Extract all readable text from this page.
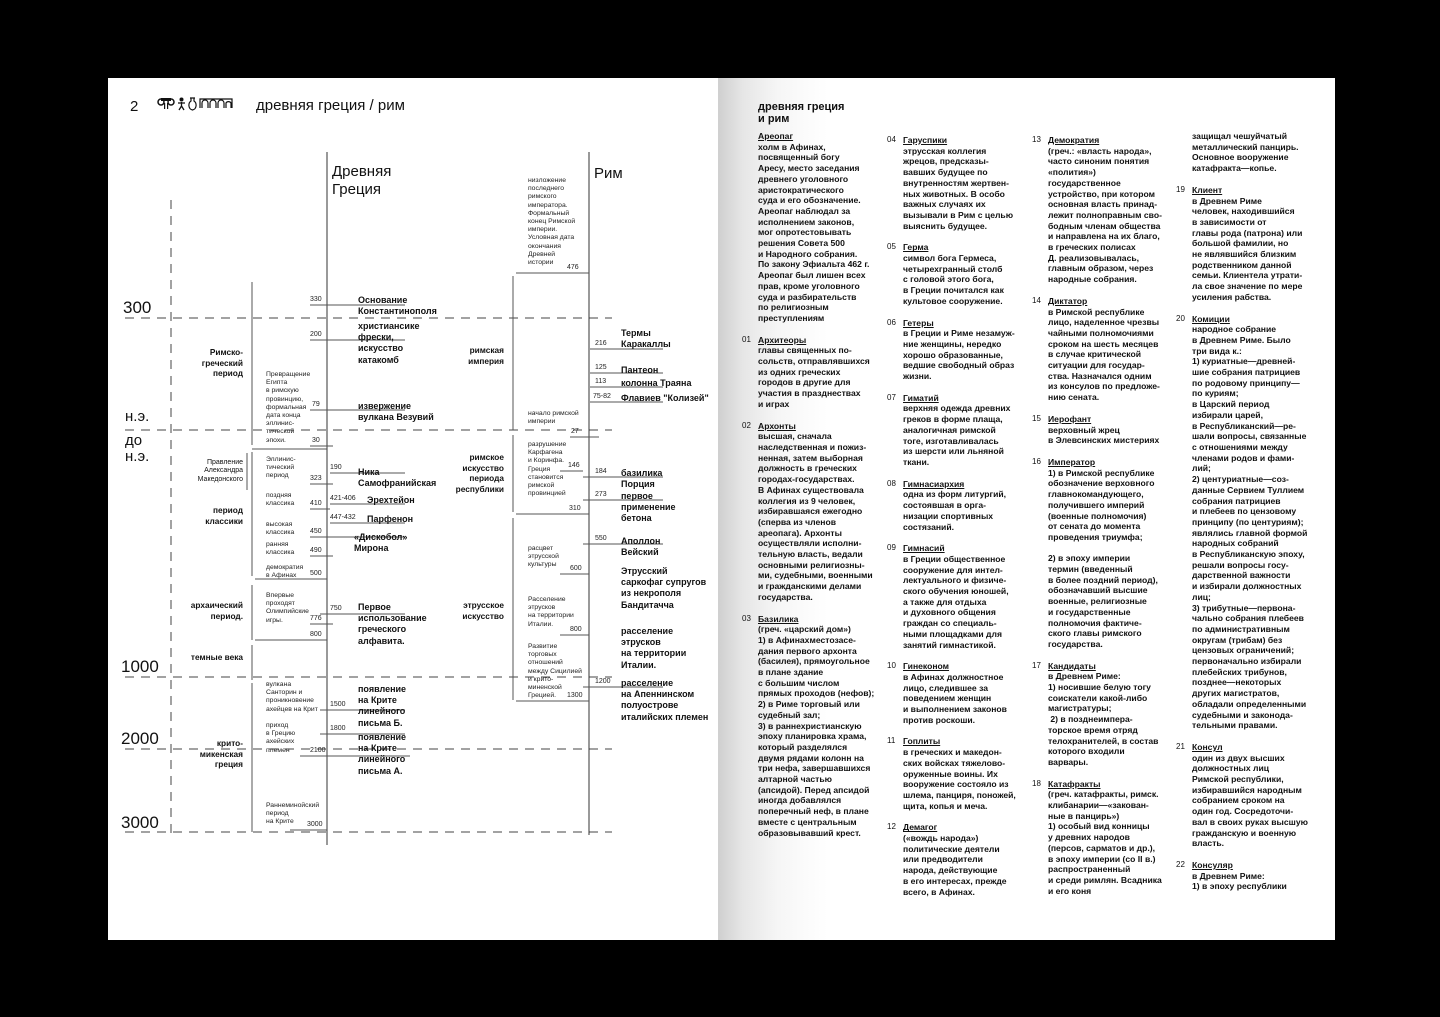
2	древняя греция / рим	древняя греция
и рим
300
н.э.
до
н.э.
1000
2000
3000
Древняя
Греция
Рим
Римско-
греческий
период
Правление
Александра
Македонского
период
классики
архаический
период.
темные века
крито-
микенская
греция
Превращение
Египта
в римскую
провинцию,
формальная
дата конца
эллинис-
тической
эпохи.
Эллинис-
тический
период
поздняя
классика
высокая
классика
ранняя
классика
демократия
в Афинах
Впервые
проходят
Олимпийские
игры.
вулкана
Санторин и
проникновение
ахейцев на Крит
приход
в Грецию
ахейских
племен
Раннеминойский
период
на Крите
330
200
79
30
190
323
421-406
410
447-432
450
490
500
750
776
800
1500
1800
2100
3000
Основание
Константинополя
христиансике
фрески,
искусство
катакомб
извержение
вулкана Везувий
Ника
Самофранийская
Эрехтейон
Парфенон
«Дискобол»
Мирона
Первое
использование
греческого
алфавита.
появление
на Крите
линейного
письма Б.
появление
на Крите
линейного
письма А.
римская
империя
римское
искусство
периода
республики
этрусское
искусство
низложение
последнего
римского
императора.
Формальный
конец Римской
империи.
Условная дата
окончания
Древней
истории
начало римской
империи
разрушение
Карфагена
и Коринфа.
Греция
становится
римской
провинцией
расцвет
этрусской
культуры
Расселение
этрусков
на территории
Италии.
Развитие
торговых
отношений
между Сицилией
и крито-
миненской
Грецией.
476
27
146
310
600
800
1300
216
125
113
75-82
184
273
550
1200
Термы
Каракаллы
Пантеон
колонна Траяна
Флавиев "Колизей"
базилика
Порция
первое
применение
бетона
Аполлон
Вейский
Этрусский
саркофаг супругов
из некрополя
Бандитачча
расселение
этрусков
на территории
Италии.
расселение
на Апеннинском
полуострове
италийских племен
Ареопаг
холм в Афинах,
посвященный богу
Аресу, место заседания
древнего уголовного
аристократического
суда и его обозначение.
Ареопаг наблюдал за
исполнением законов,
мог опротестовывать
решения Совета 500
и Народного собрания.
По закону Эфиальта 462 г.
Ареопаг был лишен всех
прав, кроме уголовного
суда и разбирательств
по религиозным
преступлениям
01 Архитеоры
главы священных по-
сольств, отправлявшихся
из одних греческих
городов в другие для
участия в празднествах
и играх
02 Архонты
высшая, сначала
наследственная и пожиз-
ненная, затем выборная
должность в греческих
городах-государствах.
В Афинах существовала
коллегия из 9 человек,
избиравшаяся ежегодно
(сперва из членов
ареопага). Архонты
осуществляли исполни-
тельную власть, ведали
основными религиозны-
ми, судебными, военными
и гражданскими делами
государства.
03 Базилика
(греч. «царский дом»)
1) в Афинахместозасе-
дания первого архонта
(басилея), прямоугольное
в плане здание
с большим числом
прямых проходов (нефов);
2) в Риме торговый или
судебный зал;
3) в раннехристианскую
эпоху планировка храма,
который разделялся
двумя рядами колонн на
три нефа, завершавшихся
алтарной частью
(апсидой). Перед апсидой
иногда добавлялся
поперечный неф, в плане
вместе с центральным
образовывавший крест.
04 Гаруспики
этрусская коллегия
жрецов, предсказы-
вавших будущее по
внутренностям жертвен-
ных животных. В особо
важных случаях их
вызывали в Рим с целью
выяснить будущее.
05 Герма
символ бога Гермеса,
четырехгранный столб
с головой этого бога,
в Греции почитался как
культовое сооружение.
06 Гетеры
в Греции и Риме незамуж-
ние женщины, нередко
хорошо образованные,
ведшие свободный образ
жизни.
07 Гиматий
верхняя одежда древних
греков в форме плаща,
аналогичная римской
тоге, изготавливалась
из шерсти или льняной
ткани.
08 Гимнасиархия
одна из форм литургий,
состоявшая в орга-
низации спортивных
состязаний.
09 Гимнасий
в Греции общественное
сооружение для интел-
лектуального и физиче-
ского обучения юношей,
а также для отдыха
и духовного общения
граждан со специаль-
ными площадками для
занятий гимнастикой.
10 Гинеконом
в Афинах должностное
лицо, следившее за
поведением женщин
и выполнением законов
против роскоши.
11 Гоплиты
в греческих и македон-
ских войсках тяжелово-
оруженные воины. Их
вооружение состояло из
шлема, панциря, поножей,
щита, копья и меча.
12 Демагог
(«вождь народа»)
политические деятели
или предводители
народа, действующие
в его интересах, прежде
всего, в Афинах.
13 Демократия
(греч.: «власть народа»,
часто синоним понятия
«полития»)
государственное
устройство, при котором
основная власть принад-
лежит полноправным сво-
бодным членам общества
и направлена на их благо,
в греческих полисах
Д. реализовывалась,
главным образом, через
народные собрания.
14 Диктатор
в Римской республике
лицо, наделенное чрезвы
чайными полномочиями
сроком на шесть месяцев
в случае критической
ситуации для государ-
ства. Назначался одним
из консулов по предложе-
нию сената.
15 Иерофант
верховный жрец
в Элевсинских мистериях
16 Император
1) в Римской республике
обозначение верховного
главнокомандующего,
получившего империй
(военные полномочия)
от сената до момента
проведения триумфа;

2) в эпоху империи
термин (введенный
в более поздний период),
обозначавший высшие
военные, религиозные
и государственные
полномочия фактиче-
ского главы римского
государства.
17 Кандидаты
в Древнем Риме:
1) носившие белую тогу
соискатели какой-либо
магистратуры;
2) в позднеимпера-
торское время отряд
телохранителей, в состав
которого входили
варвары.
18 Катафракты
(греч. катафракты, римск.
клибанарии—«закован-
ные в панцирь»)
1) особый вид конницы
у древних народов
(персов, сарматов и др.),
в эпоху империи (со II в.)
распространенный
и среди римлян. Всадника
и его коня
защищал чешуйчатый
металлический панцирь.
Основное вооружение
катафракта—копье.
19 Клиент
в Древнем Риме
человек, находившийся
в зависимости от
главы рода (патрона) или
большой фамилии, но
не являвшийся близким
родственником данной
семьи. Клиентела утрати-
ла свое значение по мере
усиления рабства.
20 Комиции
народное собрание
в Древнем Риме. Было
три вида к.:
1) куриатные—древней-
шие собрания патрициев
по родовому принципу—
по куриям;
в Царский период
избирали царей,
в Республиканский—ре-
шали вопросы, связанные
с отношениями между
членами родов и фами-
лий;
2) центуриатные—соз-
данные Сервием Туллием
собрания патрициев
и плебеев по цензовому
принципу (по центуриям);
являлись главной формой
народных собраний
в Республиканскую эпоху,
решали вопросы госу-
дарственной важности
и избирали должностных
лиц;
3) трибутные—первона-
чально собрания плебеев
по административным
округам (трибам) без
цензовых ограничений;
первоначально избирали
плебейских трибунов,
позднее—некоторых
других магистратов,
обладали определенными
судебными и законода-
тельными правами.
21 Консул
один из двух высших
должностных лиц
Римской республики,
избиравшийся народным
собранием сроком на
один год. Сосредоточи-
вал в своих руках высшую
гражданскую и военную
власть.
22 Консуляр
в Древнем Риме:
1) в эпоху республики
